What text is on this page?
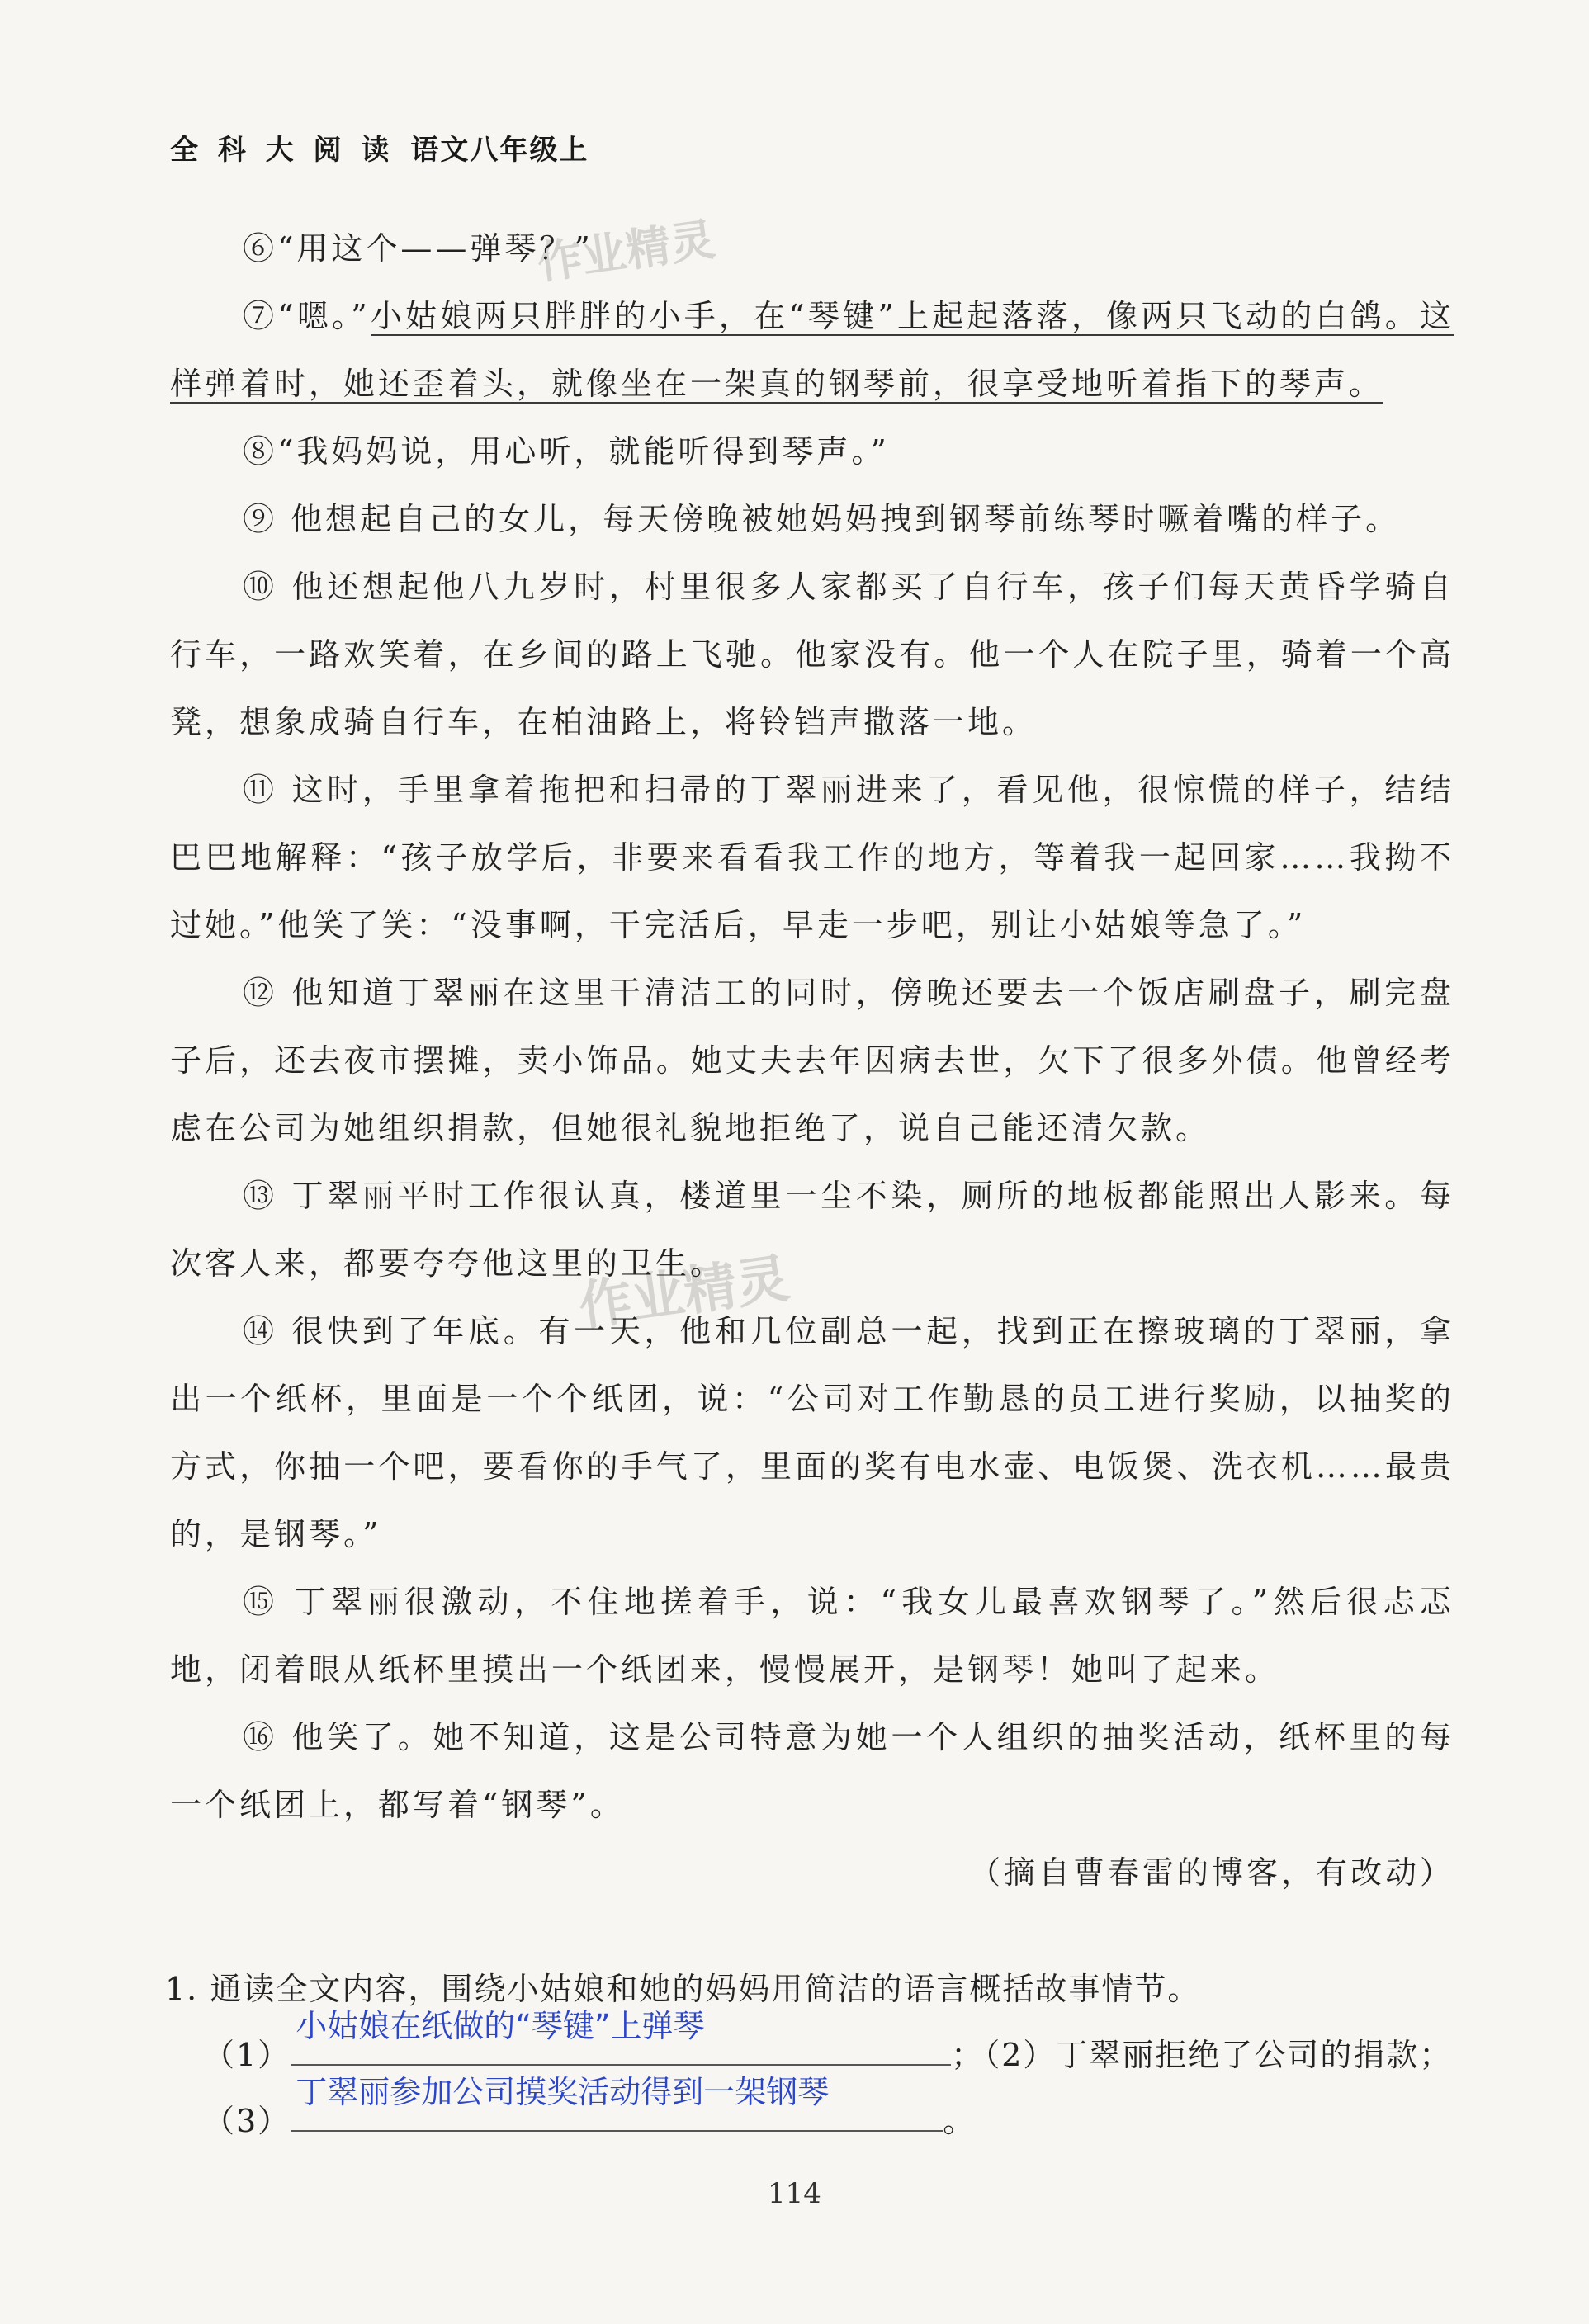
全 科 大 阅 读 语文八年级上
作业精灵
作业精灵

⑥“用这个——弹琴？”

⑦“嗯。”小姑娘两只胖胖的小手，在“琴键”上起起落落，像两只飞动的白鸽。这样弹着时，她还歪着头，就像坐在一架真的钢琴前，很享受地听着指下的琴声。

⑧“我妈妈说，用心听，就能听得到琴声。”

⑨ 他想起自己的女儿，每天傍晚被她妈妈拽到钢琴前练琴时噘着嘴的样子。

⑩ 他还想起他八九岁时，村里很多人家都买了自行车，孩子们每天黄昏学骑自行车，一路欢笑着，在乡间的路上飞驰。他家没有。他一个人在院子里，骑着一个高凳，想象成骑自行车，在柏油路上，将铃铛声撒落一地。

⑪ 这时，手里拿着拖把和扫帚的丁翠丽进来了，看见他，很惊慌的样子，结结巴巴地解释：“孩子放学后，非要来看看我工作的地方，等着我一起回家……我拗不过她。”他笑了笑：“没事啊，干完活后，早走一步吧，别让小姑娘等急了。”

⑫ 他知道丁翠丽在这里干清洁工的同时，傍晚还要去一个饭店刷盘子，刷完盘子后，还去夜市摆摊，卖小饰品。她丈夫去年因病去世，欠下了很多外债。他曾经考虑在公司为她组织捐款，但她很礼貌地拒绝了，说自己能还清欠款。

⑬ 丁翠丽平时工作很认真，楼道里一尘不染，厕所的地板都能照出人影来。每次客人来，都要夸夸他这里的卫生。

⑭ 很快到了年底。有一天，他和几位副总一起，找到正在擦玻璃的丁翠丽，拿出一个纸杯，里面是一个个纸团，说：“公司对工作勤恳的员工进行奖励，以抽奖的方式，你抽一个吧，要看你的手气了，里面的奖有电水壶、电饭煲、洗衣机……最贵的，是钢琴。”

⑮ 丁翠丽很激动，不住地搓着手，说：“我女儿最喜欢钢琴了。”然后很忐忑地，闭着眼从纸杯里摸出一个纸团来，慢慢展开，是钢琴！她叫了起来。

⑯ 他笑了。她不知道，这是公司特意为她一个人组织的抽奖活动，纸杯里的每一个纸团上，都写着“钢琴”。

（摘自曹春雷的博客，有改动）

1. 通读全文内容，围绕小姑娘和她的妈妈用简洁的语言概括故事情节。
（1）
小姑娘在纸做的“琴键”上弹琴
；（2）丁翠丽拒绝了公司的捐款；
（3）
丁翠丽参加公司摸奖活动得到一架钢琴
。
114
